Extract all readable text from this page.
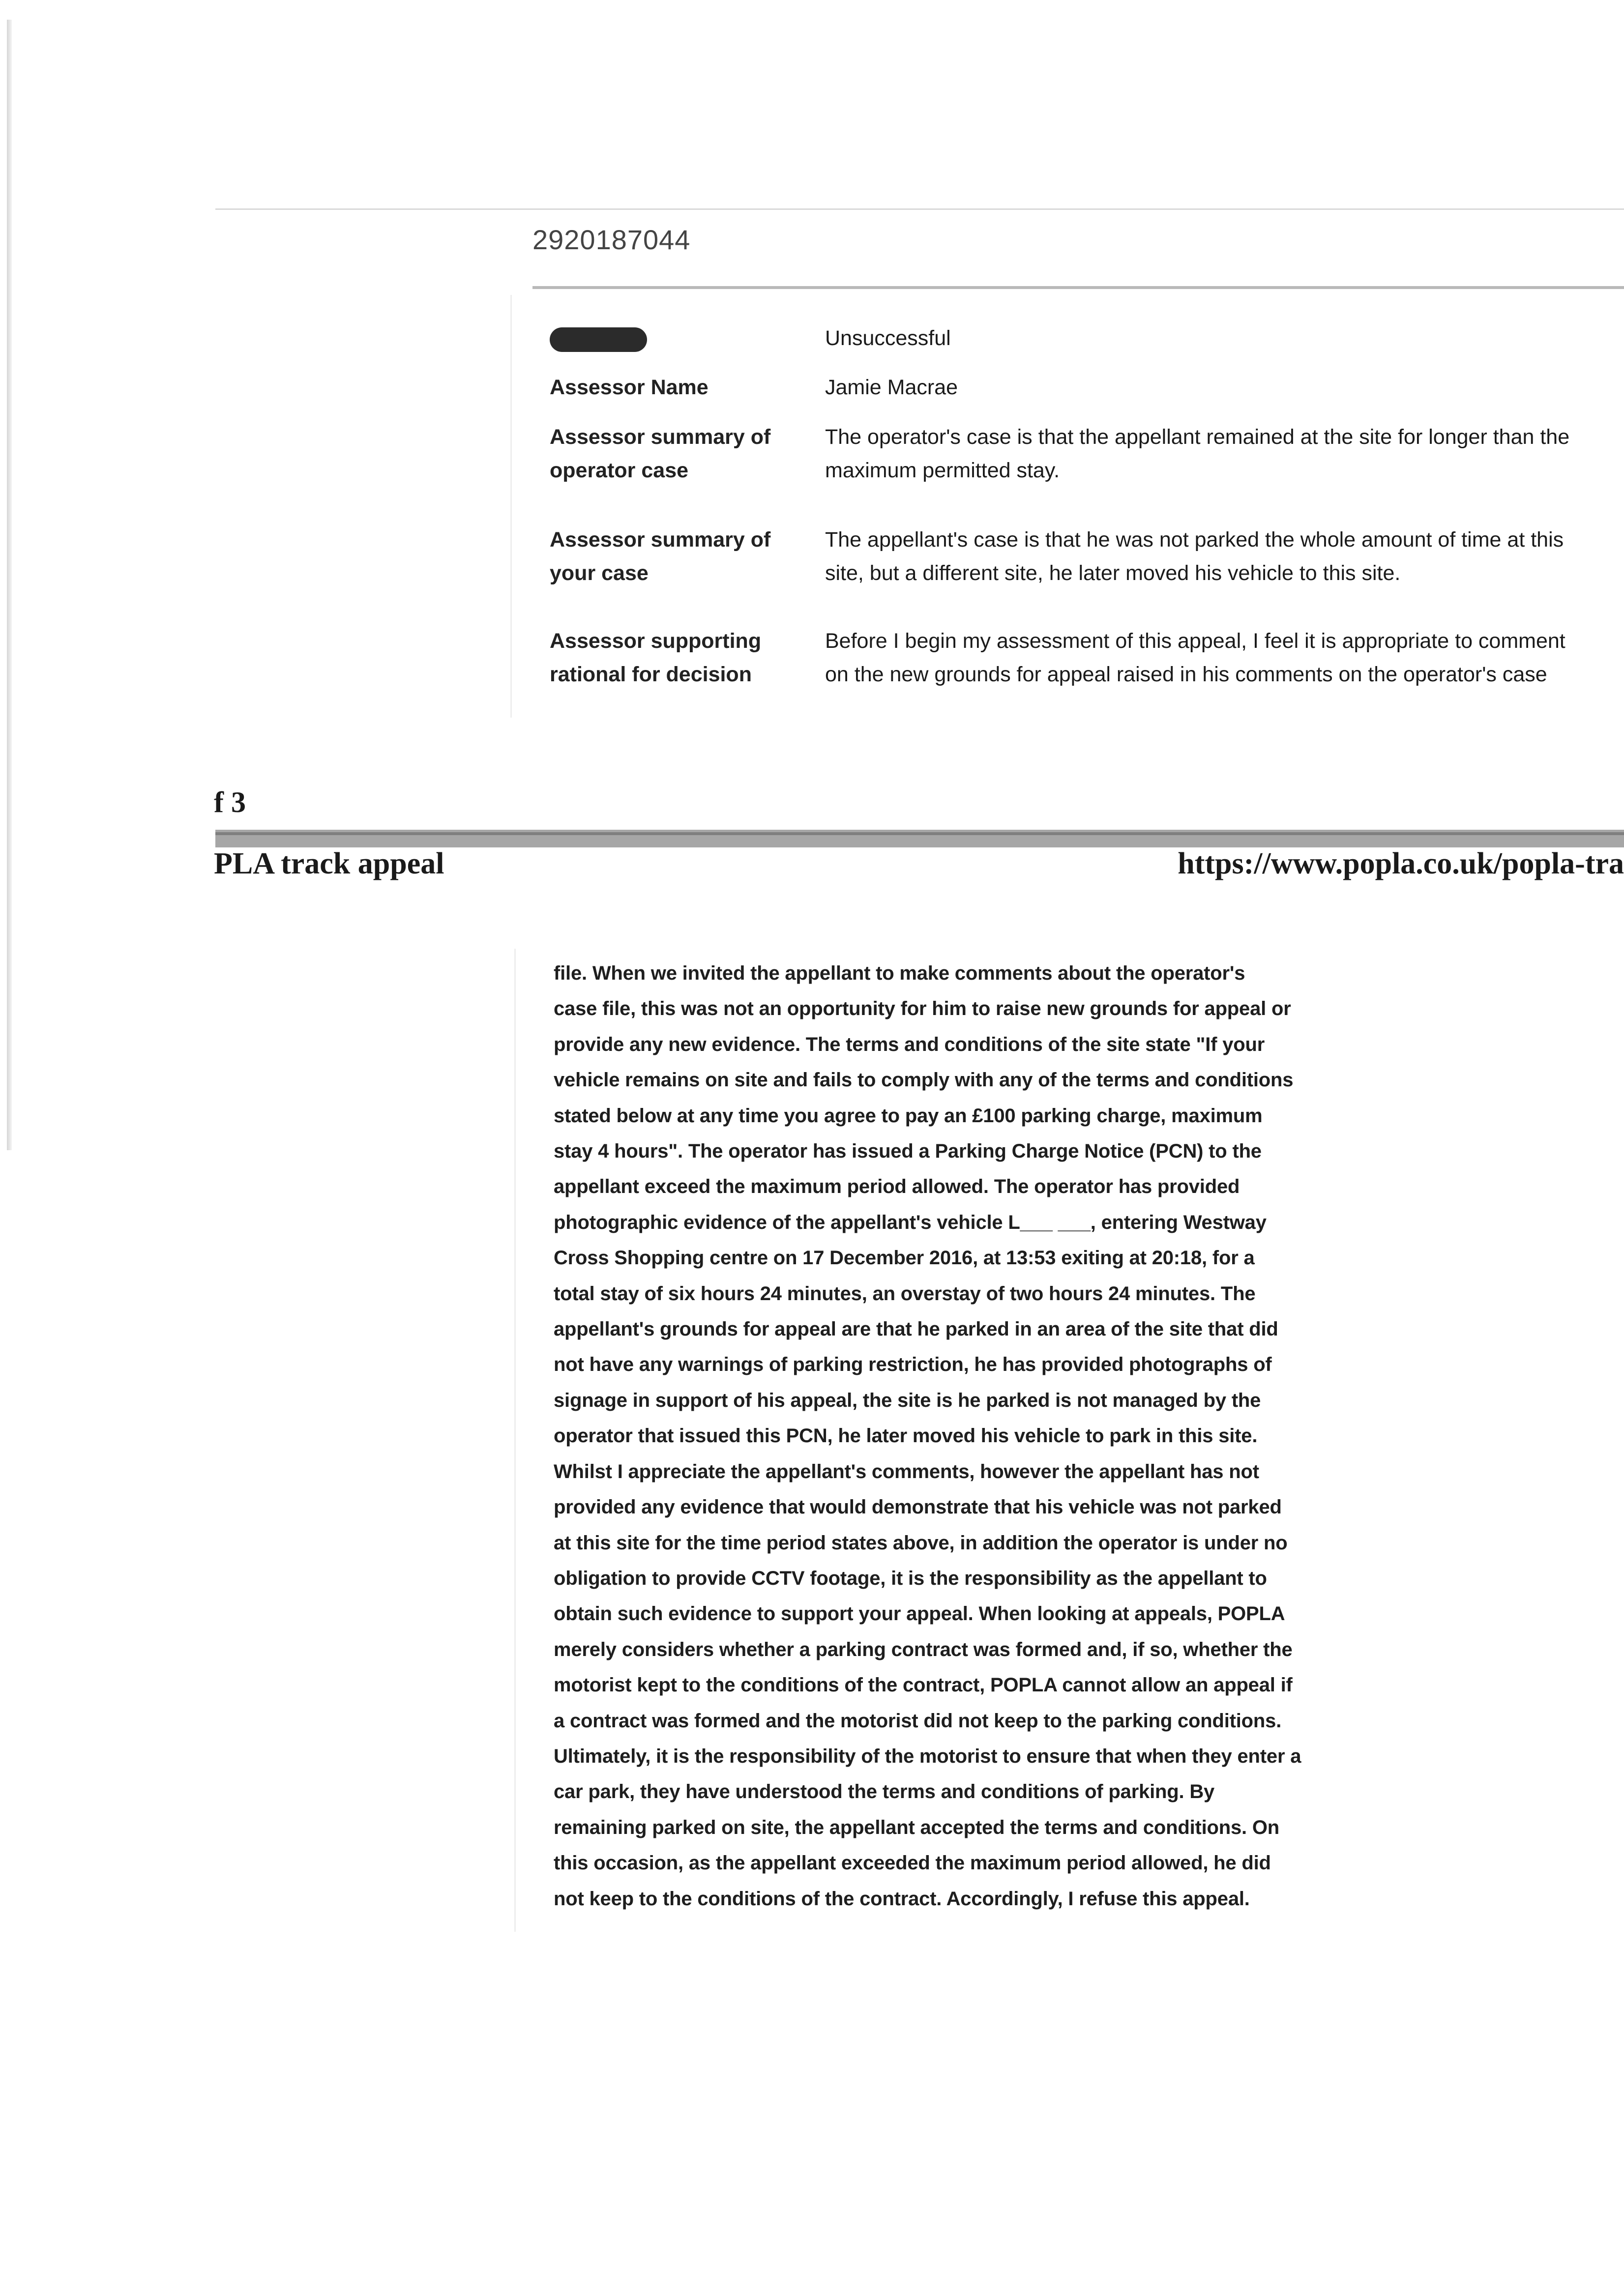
2920187044
Unsuccessful
Assessor Name	Jamie Macrae
Assessor summary of operator case
The operator's case is that the appellant remained at the site for longer than the
maximum permitted stay.
Assessor summary of your case
The appellant's case is that he was not parked the whole amount of time at this
site, but a different site, he later moved his vehicle to this site.
Assessor supporting rational for decision
Before I begin my assessment of this appeal, I feel it is appropriate to comment
on the new grounds for appeal raised in his comments on the operator's case
f 3
PLA track appeal	https://www.popla.co.uk/popla-tra
file. When we invited the appellant to make comments about the operator's
case file, this was not an opportunity for him to raise new grounds for appeal or
provide any new evidence. The terms and conditions of the site state "If your
vehicle remains on site and fails to comply with any of the terms and conditions
stated below at any time you agree to pay an £100 parking charge, maximum
stay 4 hours". The operator has issued a Parking Charge Notice (PCN) to the
appellant exceed the maximum period allowed. The operator has provided
photographic evidence of the appellant's vehicle L___ ___, entering Westway
Cross Shopping centre on 17 December 2016, at 13:53 exiting at 20:18, for a
total stay of six hours 24 minutes, an overstay of two hours 24 minutes. The
appellant's grounds for appeal are that he parked in an area of the site that did
not have any warnings of parking restriction, he has provided photographs of
signage in support of his appeal, the site is he parked is not managed by the
operator that issued this PCN, he later moved his vehicle to park in this site.
Whilst I appreciate the appellant's comments, however the appellant has not
provided any evidence that would demonstrate that his vehicle was not parked
at this site for the time period states above, in addition the operator is under no
obligation to provide CCTV footage, it is the responsibility as the appellant to
obtain such evidence to support your appeal. When looking at appeals, POPLA
merely considers whether a parking contract was formed and, if so, whether the
motorist kept to the conditions of the contract, POPLA cannot allow an appeal if
a contract was formed and the motorist did not keep to the parking conditions.
Ultimately, it is the responsibility of the motorist to ensure that when they enter a
car park, they have understood the terms and conditions of parking. By
remaining parked on site, the appellant accepted the terms and conditions. On
this occasion, as the appellant exceeded the maximum period allowed, he did
not keep to the conditions of the contract. Accordingly, I refuse this appeal.
